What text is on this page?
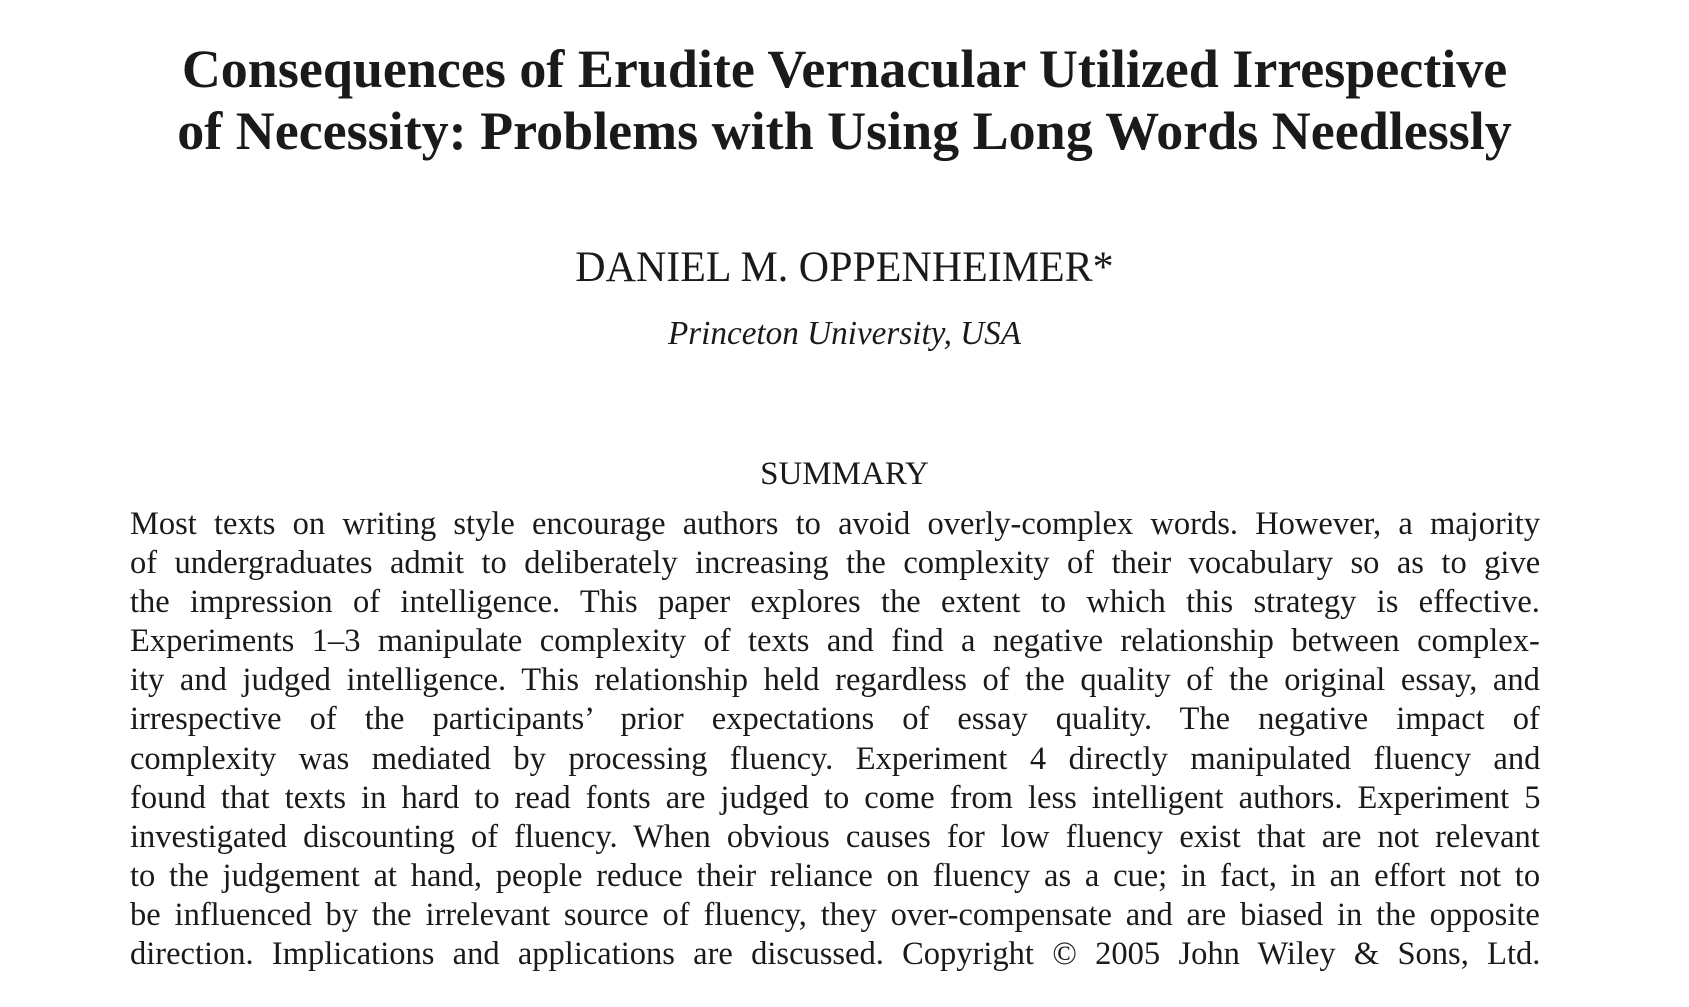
Consequences of Erudite Vernacular Utilized Irrespective
of Necessity: Problems with Using Long Words Needlessly
DANIEL M. OPPENHEIMER*
Princeton University, USA
SUMMARY
Most texts on writing style encourage authors to avoid overly-complex words. However, a majority
of undergraduates admit to deliberately increasing the complexity of their vocabulary so as to give
the impression of intelligence. This paper explores the extent to which this strategy is effective.
Experiments 1–3 manipulate complexity of texts and find a negative relationship between complex-
ity and judged intelligence. This relationship held regardless of the quality of the original essay, and
irrespective of the participants’ prior expectations of essay quality. The negative impact of
complexity was mediated by processing fluency. Experiment 4 directly manipulated fluency and
found that texts in hard to read fonts are judged to come from less intelligent authors. Experiment 5
investigated discounting of fluency. When obvious causes for low fluency exist that are not relevant
to the judgement at hand, people reduce their reliance on fluency as a cue; in fact, in an effort not to
be influenced by the irrelevant source of fluency, they over-compensate and are biased in the opposite
direction. Implications and applications are discussed. Copyright © 2005 John Wiley & Sons, Ltd.
